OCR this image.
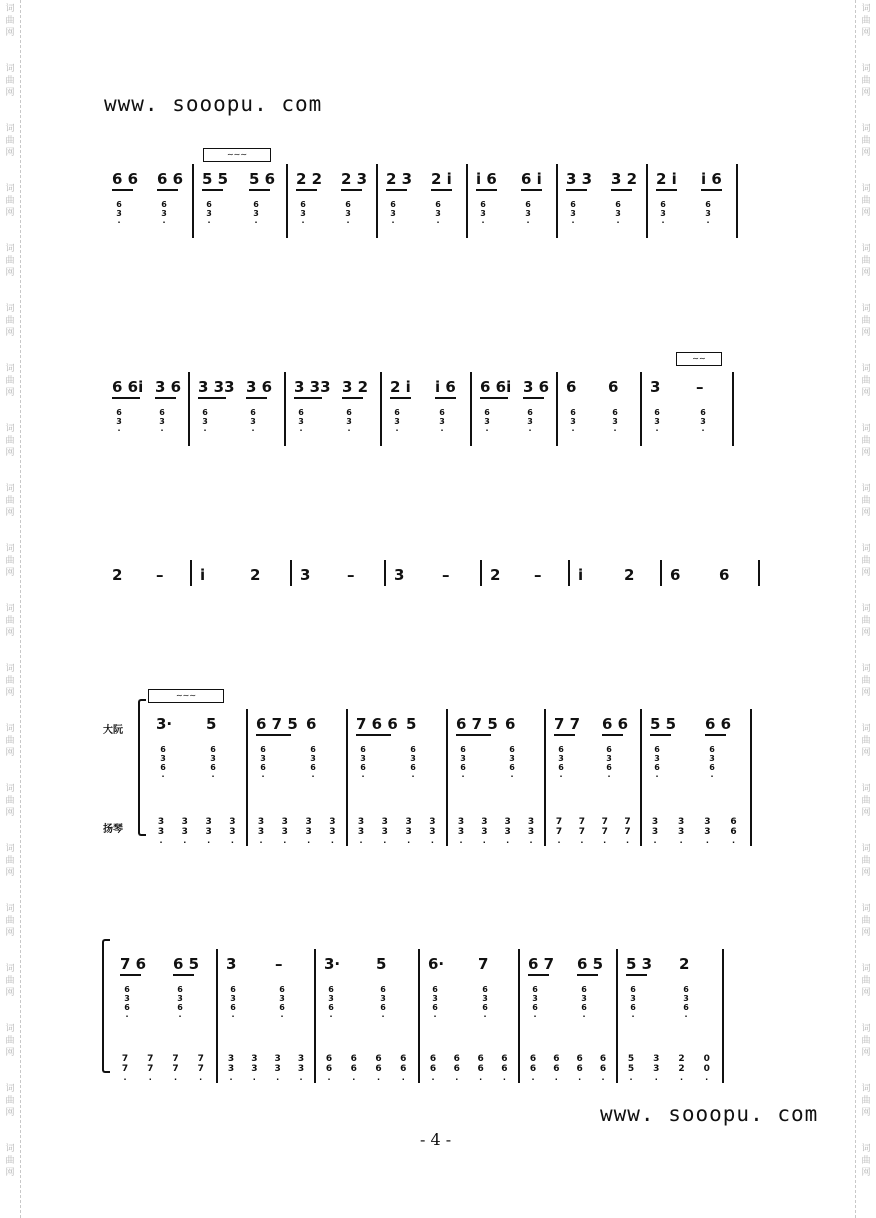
词
曲
网
词
曲
网
词
曲
网
词
曲
网
词
曲
网
词
曲
网
词
曲
网
词
曲
网
词
曲
网
词
曲
网
词
曲
网
词
曲
网
词
曲
网
词
曲
网
词
曲
网
词
曲
网
词
曲
网
词
曲
网
词
曲
网
词
曲
网
词
曲
网
词
曲
网
词
曲
网
词
曲
网
词
曲
网
词
曲
网
词
曲
网
词
曲
网
词
曲
网
词
曲
网
词
曲
网
词
曲
网
词
曲
网
词
曲
网
词
曲
网
词
曲
网
词
曲
网
词
曲
网
词
曲
网
词
曲
网
www. sooopu. com
∼∼∼
6 6
6
3
·
6 6
6
3
·
5 5
6
3
·
5 6
6
3
·
2 2
6
3
·
2 3
6
3
·
2 3
6
3
·
2 i
6
3
·
i 6
6
3
·
6 i
6
3
·
3 3
6
3
·
3 2
6
3
·
2 i
6
3
·
i 6
6
3
·
∼∼
6 6i
6
3
·
3 6
6
3
·
3 33
6
3
·
3 6
6
3
·
3 33
6
3
·
3 2
6
3
·
2 i
6
3
·
i 6
6
3
·
6 6i
6
3
·
3 6
6
3
·
6
6
3
·
6
6
3
·
3
6
3
·
–
6
3
·
2 – i	2	3 –	3	–	2 – i	2 6	6
大阮
扬琴
∼∼∼
3·
6
3
6
·
5
6
3
6
·
3
3
·
3
3
·
3
3
·
3
3
·
6 7 5
6
3
6
·
6
6
3
6
·
3
3
·
3
3
·
3
3
·
3
3
·
7 6 6
6
3
6
·
5
6
3
6
·
3
3
·
3
3
·
3
3
·
3
3
·
6 7 5
6
3
6
·
6
6
3
6
·
3
3
·
3
3
·
3
3
·
3
3
·
7 7
6
3
6
·
6 6
6
3
6
·
7
7
·
7
7
·
7
7
·
7
7
·
5 5
6
3
6
·
6 6
6
3
6
·
3
3
·
3
3
·
3
3
·
6
6
·
7 6
6
3
6
·
6 5
6
3
6
·
7
7
·
7
7
·
7
7
·
7
7
·
3
6
3
6
·
–
6
3
6
·
3
3
·
3
3
·
3
3
·
3
3
·
3·
6
3
6
·
5
6
3
6
·
6
6
·
6
6
·
6
6
·
6
6
·
6·
6
3
6
·
7
6
3
6
·
6
6
·
6
6
·
6
6
·
6
6
·
6 7
6
3
6
·
6 5
6
3
6
·
6
6
·
6
6
·
6
6
·
6
6
·
5 3
6
3
6
·
2
6
3
6
·
5
5
·
3
3
·
2
2
·
0
0
·
www. sooopu. com
- 4 -
